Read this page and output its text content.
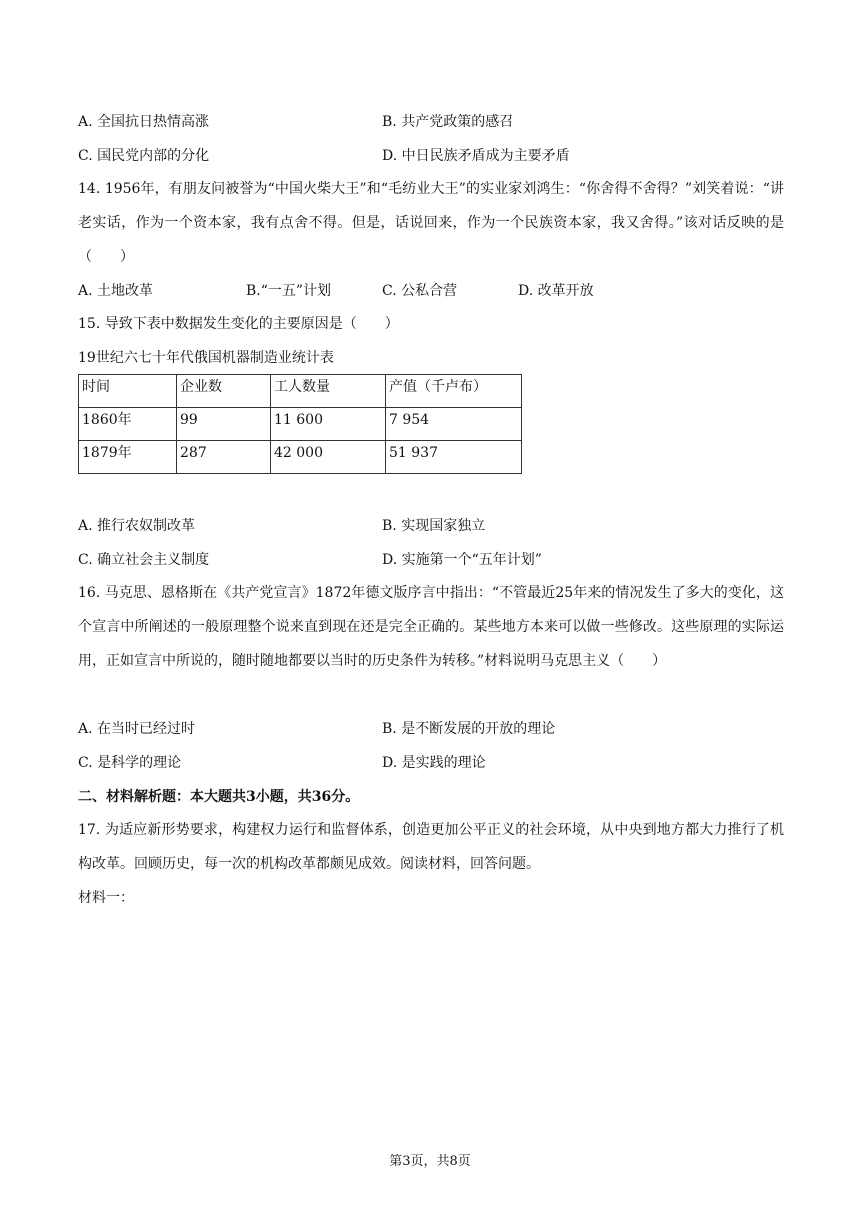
A. 全国抗日热情高涨	B. 共产党政策的感召
C. 国民党内部的分化	D. 中日民族矛盾成为主要矛盾
14. 1956年，有朋友问被誉为“中国火柴大王”和“毛纺业大王”的实业家刘鸿生：“你舍得不舍得？”刘笑着说：“讲老实话，作为一个资本家，我有点舍不得。但是，话说回来，作为一个民族资本家，我又舍得。”该对话反映的是（　　）
A. 土地改革	B.“一五”计划	C. 公私合营	D. 改革开放
15. 导致下表中数据发生变化的主要原因是（　　）
19世纪六七十年代俄国机器制造业统计表
时间	企业数	工人数量	产值（千卢布）
1860年	99	11 600	7 954
1879年	287	42 000	51 937
A. 推行农奴制改革	B. 实现国家独立
C. 确立社会主义制度	D. 实施第一个“五年计划”
16. 马克思、恩格斯在《共产党宣言》1872年德文版序言中指出：“不管最近25年来的情况发生了多大的变化，这个宣言中所阐述的一般原理整个说来直到现在还是完全正确的。某些地方本来可以做一些修改。这些原理的实际运用，正如宣言中所说的，随时随地都要以当时的历史条件为转移。”材料说明马克思主义（　　）
A. 在当时已经过时	B. 是不断发展的开放的理论
C. 是科学的理论	D. 是实践的理论
二、材料解析题：本大题共3小题，共36分。
17. 为适应新形势要求，构建权力运行和监督体系，创造更加公平正义的社会环境，从中央到地方都大力推行了机构改革。回顾历史，每一次的机构改革都颇见成效。阅读材料，回答问题。
材料一：
第3页，共8页
